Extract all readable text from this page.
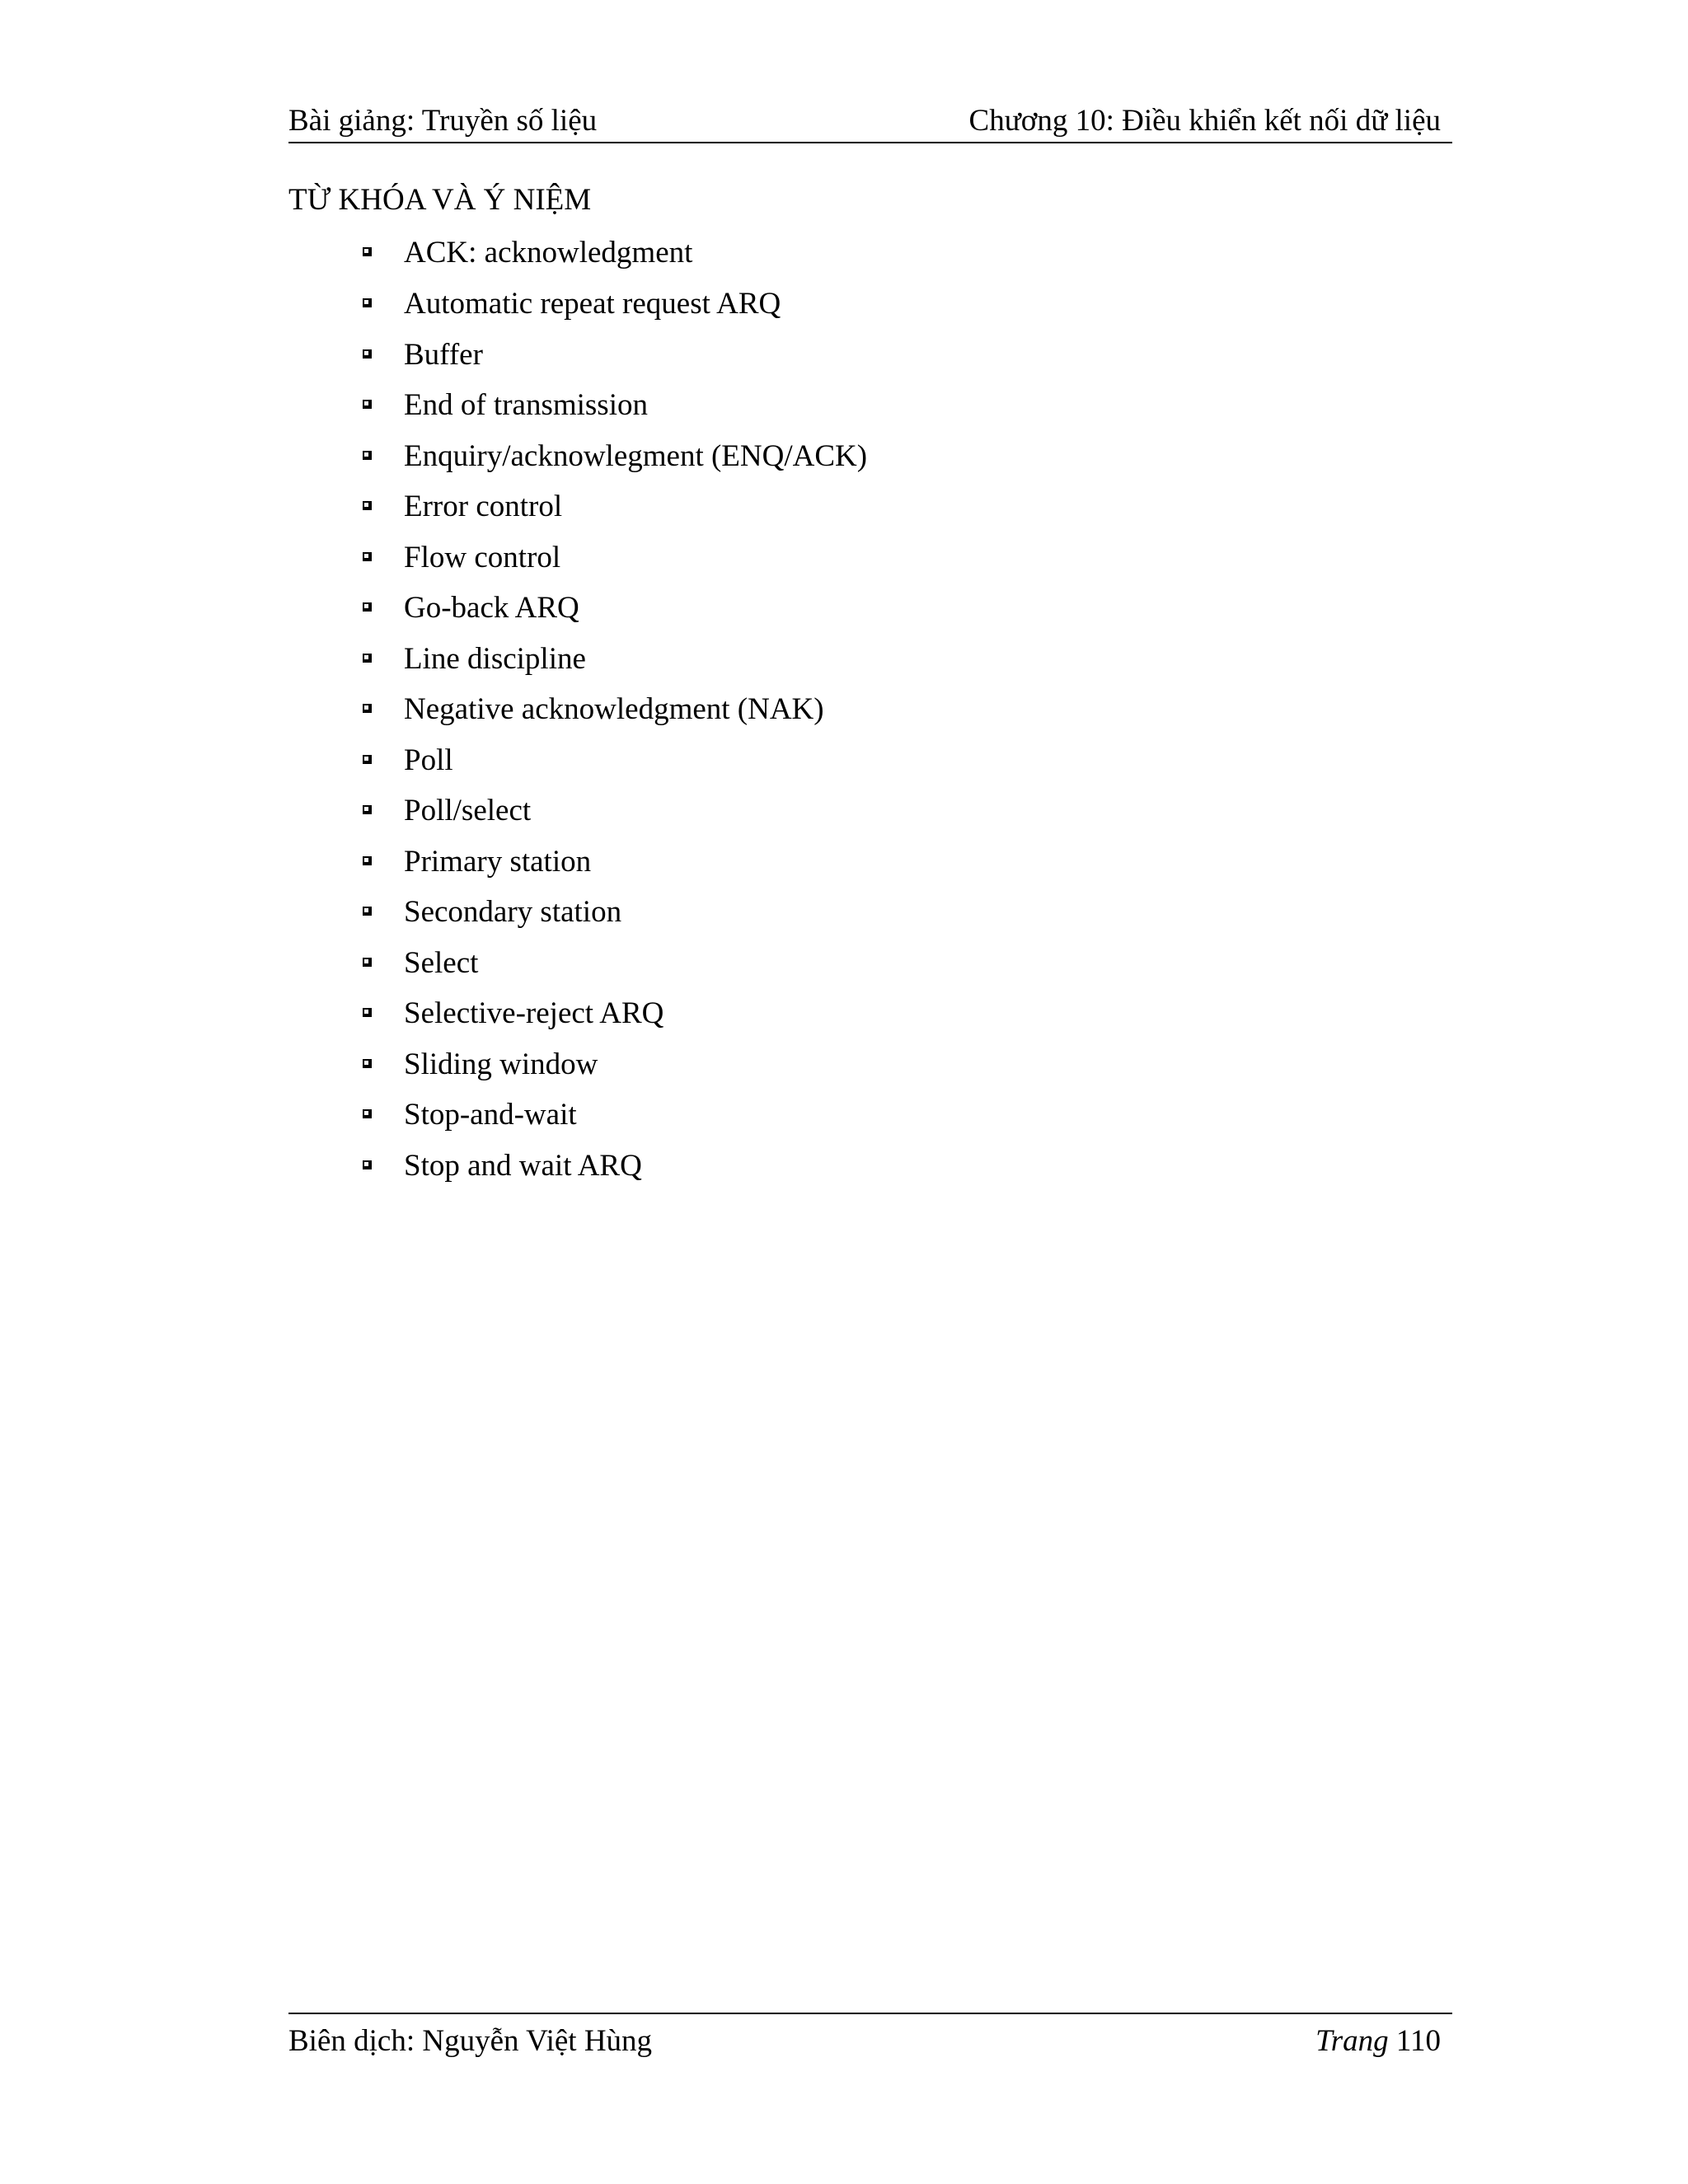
Bài giảng: Truyền số liệu	Chương 10: Điều khiển kết nối dữ liệu
TỪ KHÓA VÀ Ý NIỆM
ACK: acknowledgment
Automatic repeat request ARQ
Buffer
End of transmission
Enquiry/acknowlegment (ENQ/ACK)
Error control
Flow control
Go-back ARQ
Line discipline
Negative acknowledgment (NAK)
Poll
Poll/select
Primary station
Secondary station
Select
Selective-reject ARQ
Sliding window
Stop-and-wait
Stop and wait ARQ
Biên dịch: Nguyễn Việt Hùng	Trang 110
